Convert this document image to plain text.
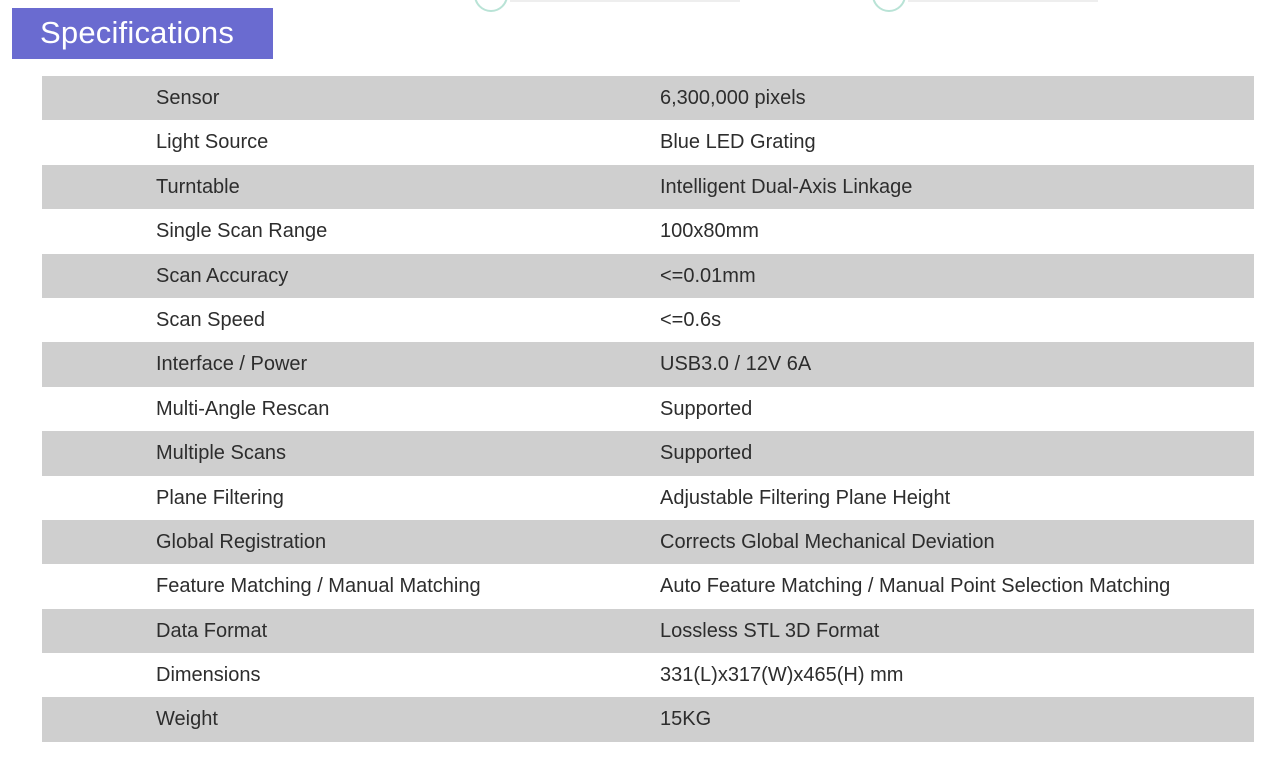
Specifications
Sensor	6,300,000 pixels
Light Source	Blue LED Grating
Turntable	Intelligent Dual-Axis Linkage
Single Scan Range	100x80mm
Scan Accuracy	<=0.01mm
Scan Speed	<=0.6s
Interface / Power	USB3.0 / 12V 6A
Multi-Angle Rescan	Supported
Multiple Scans	Supported
Plane Filtering	Adjustable Filtering Plane Height
Global Registration	Corrects Global Mechanical Deviation
Feature Matching / Manual Matching	Auto Feature Matching / Manual Point Selection Matching
Data Format	Lossless STL 3D Format
Dimensions	331(L)x317(W)x465(H) mm
Weight	15KG
